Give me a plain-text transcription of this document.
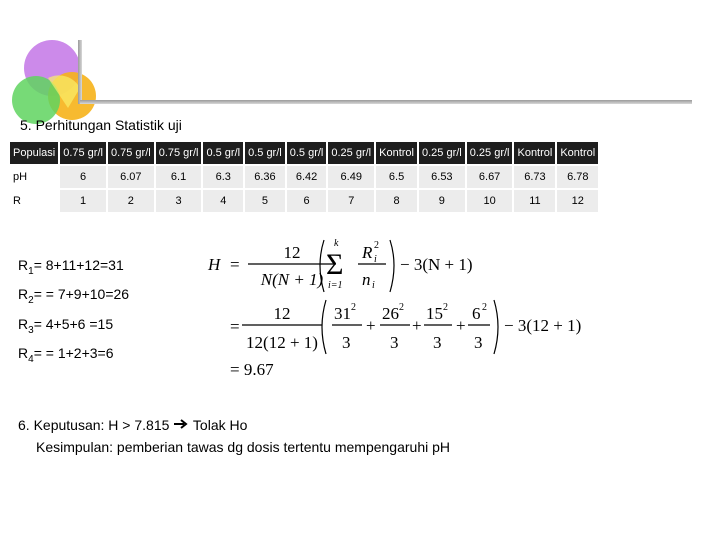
5. Perhitungan Statistik uji
Populasi	0.75 gr/l	0.75 gr/l	0.75 gr/l	0.5 gr/l	0.5 gr/l	0.5 gr/l	0.25 gr/l	Kontrol	0.25 gr/l	0.25 gr/l	Kontrol	Kontrol
pH	6	6.07	6.1	6.3	6.36	6.42	6.49	6.5	6.53	6.67	6.73	6.78
R	1	2	3	4	5	6	7	8	9	10	11	12
$R_1= 8+11+12=31$
$R_2= = 7+9+10=26$
$R_3= 4+5+6 =15$
$R_4= = 1+2+3=6$
H =
12
N(N + 1)
k
Σ
i=1
R 2
i
n i
− 3(N + 1)
=
12
12(12 + 1)
31 2
3
+
26 2
3
+
15 2
3
+
6 2
3
− 3(12 + 1)
= 9.67
6. Keputusan: H > 7.815 Tolak Ho
Kesimpulan: pemberian tawas dg dosis tertentu mempengaruhi pH
